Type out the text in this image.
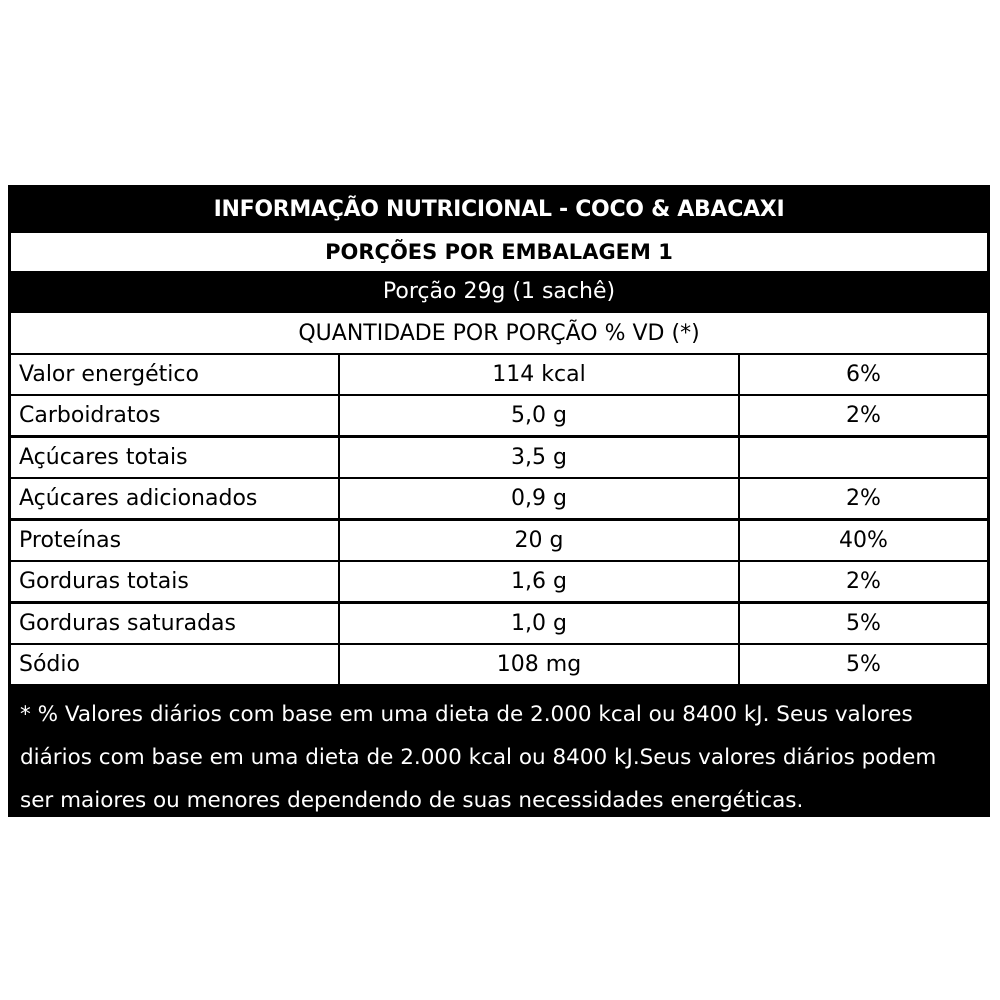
INFORMAÇÃO NUTRICIONAL - COCO & ABACAXI
PORÇÕES POR EMBALAGEM 1
Porção 29g (1 sachê)
QUANTIDADE POR PORÇÃO % VD (*)
Valor energético	114 kcal	6%
Carboidratos	5,0 g	2%
Açúcares totais	3,5 g
Açúcares adicionados	0,9 g	2%
Proteínas	20 g	40%
Gorduras totais	1,6 g	2%
Gorduras saturadas	1,0 g	5%
Sódio	108 mg	5%
* % Valores diários com base em uma dieta de 2.000 kcal ou 8400 kJ. Seus valores
diários com base em uma dieta de 2.000 kcal ou 8400 kJ.Seus valores diários podem
ser maiores ou menores dependendo de suas necessidades energéticas.
